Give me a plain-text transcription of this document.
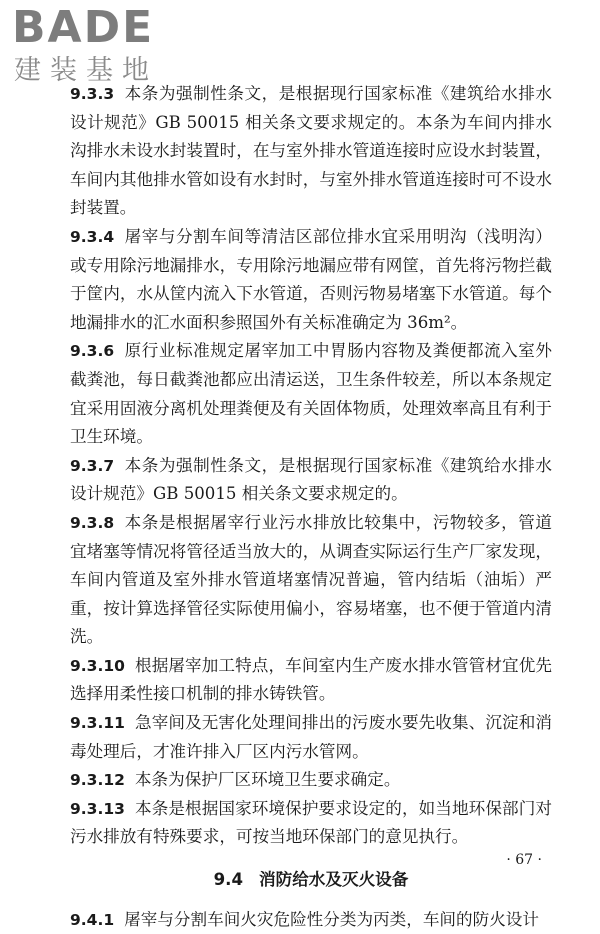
BADE
建装基地

9.3.3 本条为强制性条文，是根据现行国家标准《建筑给水排水设计规范》GB 50015 相关条文要求规定的。本条为车间内排水沟排水未设水封装置时，在与室外排水管道连接时应设水封装置，车间内其他排水管如设有水封时，与室外排水管道连接时可不设水封装置。

9.3.4 屠宰与分割车间等清洁区部位排水宜采用明沟（浅明沟）或专用除污地漏排水，专用除污地漏应带有网筐，首先将污物拦截于筐内，水从筐内流入下水管道，否则污物易堵塞下水管道。每个地漏排水的汇水面积参照国外有关标准确定为 36m²。

9.3.6 原行业标准规定屠宰加工中胃肠内容物及粪便都流入室外截粪池，每日截粪池都应出清运送，卫生条件较差，所以本条规定宜采用固液分离机处理粪便及有关固体物质，处理效率高且有利于卫生环境。

9.3.7 本条为强制性条文，是根据现行国家标准《建筑给水排水设计规范》GB 50015 相关条文要求规定的。

9.3.8 本条是根据屠宰行业污水排放比较集中，污物较多，管道宜堵塞等情况将管径适当放大的，从调查实际运行生产厂家发现，车间内管道及室外排水管道堵塞情况普遍，管内结垢（油垢）严重，按计算选择管径实际使用偏小，容易堵塞，也不便于管道内清洗。

9.3.10 根据屠宰加工特点，车间室内生产废水排水管管材宜优先选择用柔性接口机制的排水铸铁管。

9.3.11 急宰间及无害化处理间排出的污废水要先收集、沉淀和消毒处理后，才准许排入厂区内污水管网。

9.3.12 本条为保护厂区环境卫生要求确定。

9.3.13 本条是根据国家环境保护要求设定的，如当地环保部门对污水排放有特殊要求，可按当地环保部门的意见执行。

9.4 消防给水及灭火设备

9.4.1 屠宰与分割车间火灾危险性分类为丙类，车间的防火设计

· 67 ·
